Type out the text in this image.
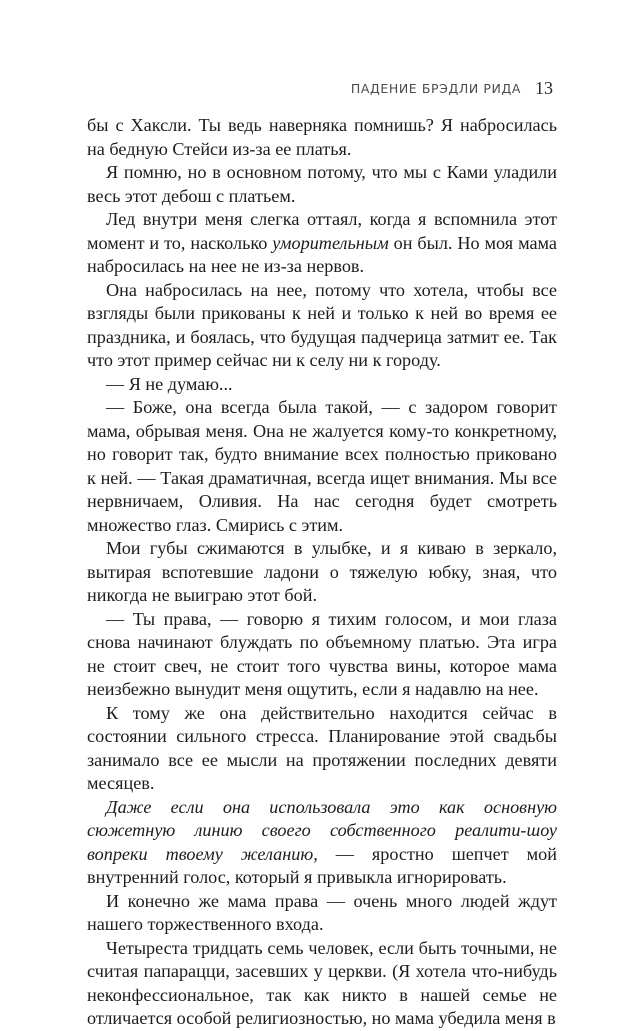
ПАДЕНИЕ БРЭДЛИ РИДА 13

бы с Хаксли. Ты ведь наверняка помнишь? Я набросилась на бедную Стейси из-за ее платья.

Я помню, но в основном потому, что мы с Ками уладили весь этот дебош с платьем.

Лед внутри меня слегка оттаял, когда я вспомнила этот момент и то, насколько уморительным он был. Но моя мама набросилась на нее не из-за нервов.

Она набросилась на нее, потому что хотела, чтобы все взгляды были прикованы к ней и только к ней во время ее праздника, и боялась, что будущая падчерица затмит ее. Так что этот пример сейчас ни к селу ни к городу.

— Я не думаю...

— Боже, она всегда была такой, — с задором говорит мама, обрывая меня. Она не жалуется кому-то конкретному, но говорит так, будто внимание всех полностью приковано к ней. — Такая драматичная, всегда ищет внимания. Мы все нервничаем, Оливия. На нас сегодня будет смотреть множество глаз. Смирись с этим.

Мои губы сжимаются в улыбке, и я киваю в зеркало, вытирая вспотевшие ладони о тяжелую юбку, зная, что никогда не выиграю этот бой.

— Ты права, — говорю я тихим голосом, и мои глаза снова начинают блуждать по объемному платью. Эта игра не стоит свеч, не стоит того чувства вины, которое мама неизбежно вынудит меня ощутить, если я надавлю на нее.

К тому же она действительно находится сейчас в состоянии сильного стресса. Планирование этой свадьбы занимало все ее мысли на протяжении последних девяти месяцев.

Даже если она использовала это как основную сюжетную линию своего собственного реалити-шоу вопреки твоему желанию, — яростно шепчет мой внутренний голос, который я привыкла игнорировать.

И конечно же мама права — очень много людей ждут нашего торжественного входа.

Четыреста тридцать семь человек, если быть точными, не считая папарацци, засевших у церкви. (Я хотела что-нибудь неконфессиональное, так как никто в нашей семье не отличается особой религиозностью, но мама убедила меня в
